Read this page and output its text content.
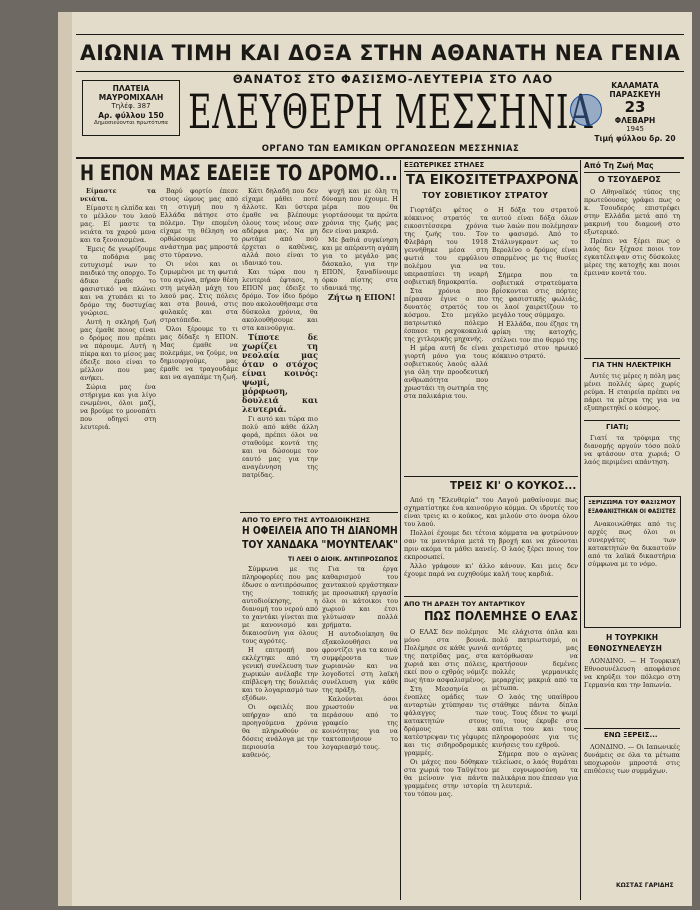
ΑΙΩΝΙΑ ΤΙΜΗ ΚΑΙ ΔΟΞΑ ΣΤΗΝ ΑΘΑΝΑΤΗ ΝΕΑ ΓΕΝΙΑ
ΠΛΑΤΕΙΑ
ΜΑΥΡΟΜΙΧΑΛΗ
Τηλέφ. 387
Αρ. φύλλου 150
Δημοσιεύονται πρωτότυπα
ΘΑΝΑΤΟΣ ΣΤΟ ΦΑΣΙΣΜΟ-ΛΕΥΤΕΡΙΑ ΣΤΟ ΛΑΟ
ΕΛΕΥΘΕΡΗ ΜΕΣΣΗΝΙΑ
ΟΡΓΑΝΟ ΤΩΝ ΕΑΜΙΚΩΝ ΟΡΓΑΝΩΣΕΩΝ ΜΕΣΣΗΝΙΑΣ
ΚΑΛΑΜΑΤΑ
ΠΑΡΑΣΚΕΥΗ
23
ΦΛΕΒΑΡΗ
1945
Τιμή φύλλου δρ. 20
Η ΕΠΟΝ ΜΑΣ ΕΔΕΙΞΕ ΤΟ ΔΡΟΜΟ...

Είμαστε τα νειάτα.

Είμαστε η ελπίδα και το μέλλον του λαού μας. Εί μαστε τα νειάτα τα χαρού μενα και τα ξενοιασμένα.

Έμεις δε γνωρίζουμε τα ποδάρια μας ευτυχισμέ νων το παιδικό της οπορχο. Το άδικο έμαθε το φασιστικό να πλώνει και να χτυπάει κι το δρόμο της δυστυχίας γνώρισε.

Αυτή η σκληρή ζωή μας έμαθε ποιος είναι ο δρόμος που πρέπει να πάρουμε. Αυτή η πίκρα και το μίσος μας έδειξε ποιο είναι το μέλλον που μας ανήκει.

Σώρια μας ένα στήριγμα και για λίγο ενωμένοι, όλοι μαζί, να βρούμε το μονοπάτι που οδηγεί στη λευτεριά.

Βαρύ φορτίο έπεσε στους ώμους μας από τη στιγμή που η Ελλάδα πάτησε στο πόλεμο. Την επομένη είχαμε τη θέληση να ορθώσουμε το ανάστημα μας μπροστά στο τύραννο.

Οι νέοι και οι ζυμωμένοι με τη φωτιά του αγώνα, πήραν θέση στη μεγάλη μάχη του λαού μας. Στις πόλεις και στα βουνά, στις φυλακές και στα στρατόπεδα.

Όλοι ξέρουμε το τι μας δίδαξε η ΕΠΟΝ. Μας έμαθε να πολεμάμε, να ζούμε, να δημιουργούμε, μας έμαθε να τραγουδάμε και να αγαπάμε τη ζωή.

Κάτι δηλαδή που δεν είχαμε μάθει ποτέ άλλοτε. Και ύστερα έμαθε να βλέπουμε όλους τους νέους σαν αδέρφια μας. Να μη ρωτάμε από πού έρχεται ο καθένας, αλλά ποιο είναι το ιδανικό του.

Και τώρα που η λευτεριά έφτασε, η ΕΠΟΝ μας έδειξε το δρόμο. Τον ίδιο δρόμο που ακολουθήσαμε στα δύσκολα χρόνια, θα ακολουθήσουμε και στα καινούργια.

Τίποτε δε χωρίζει τη νεολαία μας όταν ο στόχος είναι κοινός: ψωμί, μόρφωση, δουλειά και λευτεριά.

Γι αυτό και τώρα πιο πολύ από κάθε άλλη φορά, πρέπει όλοι να σταθούμε κοντά της και να δώσουμε τον εαυτό μας για την αναγέννηση της πατρίδας.

ψυχή και με όλη τη δύναμη που έχουμε. Η μέρα που θα γιορτάσουμε τα πρώτα χρόνια της ζωής μας δεν είναι μακριά.

Με βαθιά συγκίνηση και με απέραντη αγάπη για το μεγάλο μας δάσκαλο, για την ΕΠΟΝ, ξαναδίνουμε όρκο πίστης στα ιδανικά της.

Ζήτω η ΕΠΟΝ!

ΑΠΟ ΤΟ ΕΡΓΟ ΤΗΣ ΑΥΤΟΔΙΟΙΚΗΣΗΣ
Η ΟΦΕΙΛΕΙΑ ΑΠΟ ΤΗ ΔΙΑΝΟΜΗ
ΤΟΥ ΧΑΝΔΑΚΑ "ΜΟΥΝΤΕΛΑΚ"
ΤΙ ΛΕΕΙ Ο ΔΙΟΙΚ. ΑΝΤΙΠΡΟΣΩΠΟΣ

Σύμφωνα με τις πληροφορίες που μας έδωσε ο αντιπρόσωπος της τοπικής αυτοδιοίκησης, η διανομή του νερού από το χαντάκι γίνεται πια με κανονισμό και δικαιοσύνη για όλους τους αγρότες.

Η επιτροπή που εκλέχτηκε από τη γενική συνέλευση των χωρικών ανέλαβε την επίβλεψη της δουλειάς και το λογαριασμό των εξόδων.

Οι οφειλές που υπήρχαν από τα προηγούμενα χρόνια θα πληρωθούν σε δόσεις ανάλογα με την περιουσία του καθενός.

Για τα έργα καθαρισμού του χαντακιού εργάστηκαν με προσωπική εργασία όλοι οι κάτοικοι του χωριού και έτσι γλύτωσαν πολλά χρήματα.

Η αυτοδιοίκηση θα εξακολουθήσει να φροντίζει για τα κοινά συμφέροντα των χωριανών και να λογοδοτεί στη λαϊκή συνέλευση για κάθε της πράξη.

Καλούνται όσοι χρωστούν να περάσουν από το γραφείο της κοινότητας για να τακτοποιήσουν το λογαριασμό τους.

ΕΞΩΤΕΡΙΚΕΣ ΣΤΗΛΕΣ
ΤΑ ΕΙΚΟΣΙΤΕΤΡΑΧΡΟΝΑ
ΤΟΥ ΣΟΒΙΕΤΙΚΟΥ ΣΤΡΑΤΟΥ

Γιορτάζει φέτος ο κόκκινος στρατός τα εικοσιτέσσερα χρόνια της ζωής του. Τον Φλεβάρη του 1918 γεννήθηκε μέσα στη φωτιά του εμφύλιου πολέμου για να υπερασπίσει τη νεαρή σοβιετική δημοκρατία.

Στα χρόνια που πέρασαν έγινε ο πιο δυνατός στρατός του κόσμου. Στο μεγάλο πατριωτικό πόλεμο έσπασε τη ραχοκοκαλιά της χιτλερικής μηχανής.

Η μέρα αυτή δε είναι γιορτή μόνο για τους σοβιετικούς λαούς αλλά για όλη την προοδευτική ανθρωπότητα που χρωστάει τη σωτηρία της στα παλικάρια του.

Η δόξα του στρατού αυτού είναι δόξα όλων των λαών που πολέμησαν το φασισμό. Από το Στάλινγκραντ ως το Βερολίνο ο δρόμος είναι σπαρμένος με τις θυσίες του.

Σήμερα που τα σοβιετικά στρατεύματα βρίσκονται στις πόρτες της φασιστικής φωλιάς, οι λαοί χαιρετίζουν το μεγάλο τους σύμμαχο.

Η Ελλάδα, που έζησε τη φρίκη της κατοχής, στέλνει τον πιο θερμό της χαιρετισμό στον ηρωικό κόκκινο στρατό.

ΤΡΕΙΣ ΚΙ' Ο ΚΟΥΚΟΣ...

Από τη "Ελευθερία" του Λαγού μαθαίνουμε πως σχηματίστηκε ένα καινούργιο κόμμα. Οι ιδρυτές του είναι τρεις κι ο κούκος, και μιλούν στο όνομα όλου του λαού.

Πολλοί έχουμε δει τέτοια κόμματα να φυτρώνουν σαν τα μανιτάρια μετά τη βροχή και να χάνονται πριν ακόμα τα μάθει κανείς. Ο λαός ξέρει ποιος τον εκπροσωπεί.

Άλλο γράφουν κι' άλλο κάνουν. Και μεις δεν έχουμε παρά να ευχηθούμε καλή τους καρδιά.

ΑΠΟ ΤΗ ΔΡΑΣΗ ΤΟΥ ΑΝΤΑΡΤΙΚΟΥ
ΠΩΣ ΠΟΛΕΜΗΣΕ Ο ΕΛΑΣ

Ο ΕΛΑΣ δεν πολέμησε μόνο στα βουνά. Πολέμησε σε κάθε γωνιά της πατρίδας μας, στα χωριά και στις πόλεις, εκεί που ο εχθρός νόμιζε πως ήταν ασφαλισμένος.

Στη Μεσσηνία οι ένοπλες ομάδες των ανταρτών χτύπησαν τις φάλαγγες των κατακτητών στους δρόμους και κατέστρεψαν τις γέφυρες και τις σιδηροδρομικές γραμμές.

Οι μάχες που δόθηκαν στα χωριά του Ταϋγέτου θα μείνουν για πάντα γραμμένες στην ιστορία του τόπου μας.

Με ελάχιστα όπλα και πολύ πατριωτισμό, οι αντάρτες μας κατόρθωσαν να κρατήσουν δεμένες πολλές γερμανικές μεραρχίες μακριά από τα μέτωπα.

Ο λαός της υπαίθρου στάθηκε πάντα δίπλα τους. Τους έδινε το ψωμί του, τους έκρυβε στα σπίτια του και τους πληροφορούσε για τις κινήσεις του εχθρού.

Σήμερα που ο αγώνας τελείωσε, ο λαός θυμάται με ευγνωμοσύνη τα παλικάρια που έπεσαν για τη λευτεριά.

Από Τη Ζωή Μας
Ο ΤΣΟΥΔΕΡΟΣ

Ο Αθηναϊκός τύπος της πρωτεύουσας γράφει πως ο κ. Τσουδερός επιστρέφει στην Ελλάδα μετά από τη μακρινή του διαμονή στο εξωτερικό.

Πρέπει να ξέρει πως ο λαός δεν ξέχασε ποιοι τον εγκατέλειψαν στις δύσκολες μέρες της κατοχής και ποιοι έμειναν κοντά του.

ΓΙΑ ΤΗΝ ΗΛΕΚΤΡΙΚΗ

Αυτές τις μέρες η πόλη μας μένει πολλές ώρες χωρίς ρεύμα. Η εταιρεία πρέπει να πάρει τα μέτρα της για να εξυπηρετηθεί ο κόσμος.

ΓΙΑΤΙ;

Γιατί τα τρόφιμα της διανομής αργούν τόσο πολύ να φτάσουν στα χωριά; Ο λαός περιμένει απάντηση.

ΞΕΡΙΖΩΜΑ ΤΟΥ ΦΑΣΙΣΜΟΥ
ΕΞΑΦΑΝΙΣΤΗΚΑΝ ΟΙ ΦΑΣΙΣΤΕΣ

Ανακοινώθηκε από τις αρχές πως όλοι οι συνεργάτες των κατακτητών θα δικαστούν από τα λαϊκά δικαστήρια σύμφωνα με το νόμο.

Η ΤΟΥΡΚΙΚΗ
ΕΘΝΟΣΥΝΕΛΕΥΣΗ

ΛΟΝΔΙΝΟ. — Η Τουρκική Εθνοσυνέλευση αποφάσισε να κηρύξει τον πόλεμο στη Γερμανία και την Ιαπωνία.

ΕΝΩ ΞΕΡΕΙΣ...

ΛΟΝΔΙΝΟ. — Οι Ιαπωνικές δυνάμεις σε όλα τα μέτωπα υποχωρούν μπροστά στις επιθέσεις των συμμάχων.

ΚΩΣΤΑΣ ΓΑΡΙΔΗΣ
